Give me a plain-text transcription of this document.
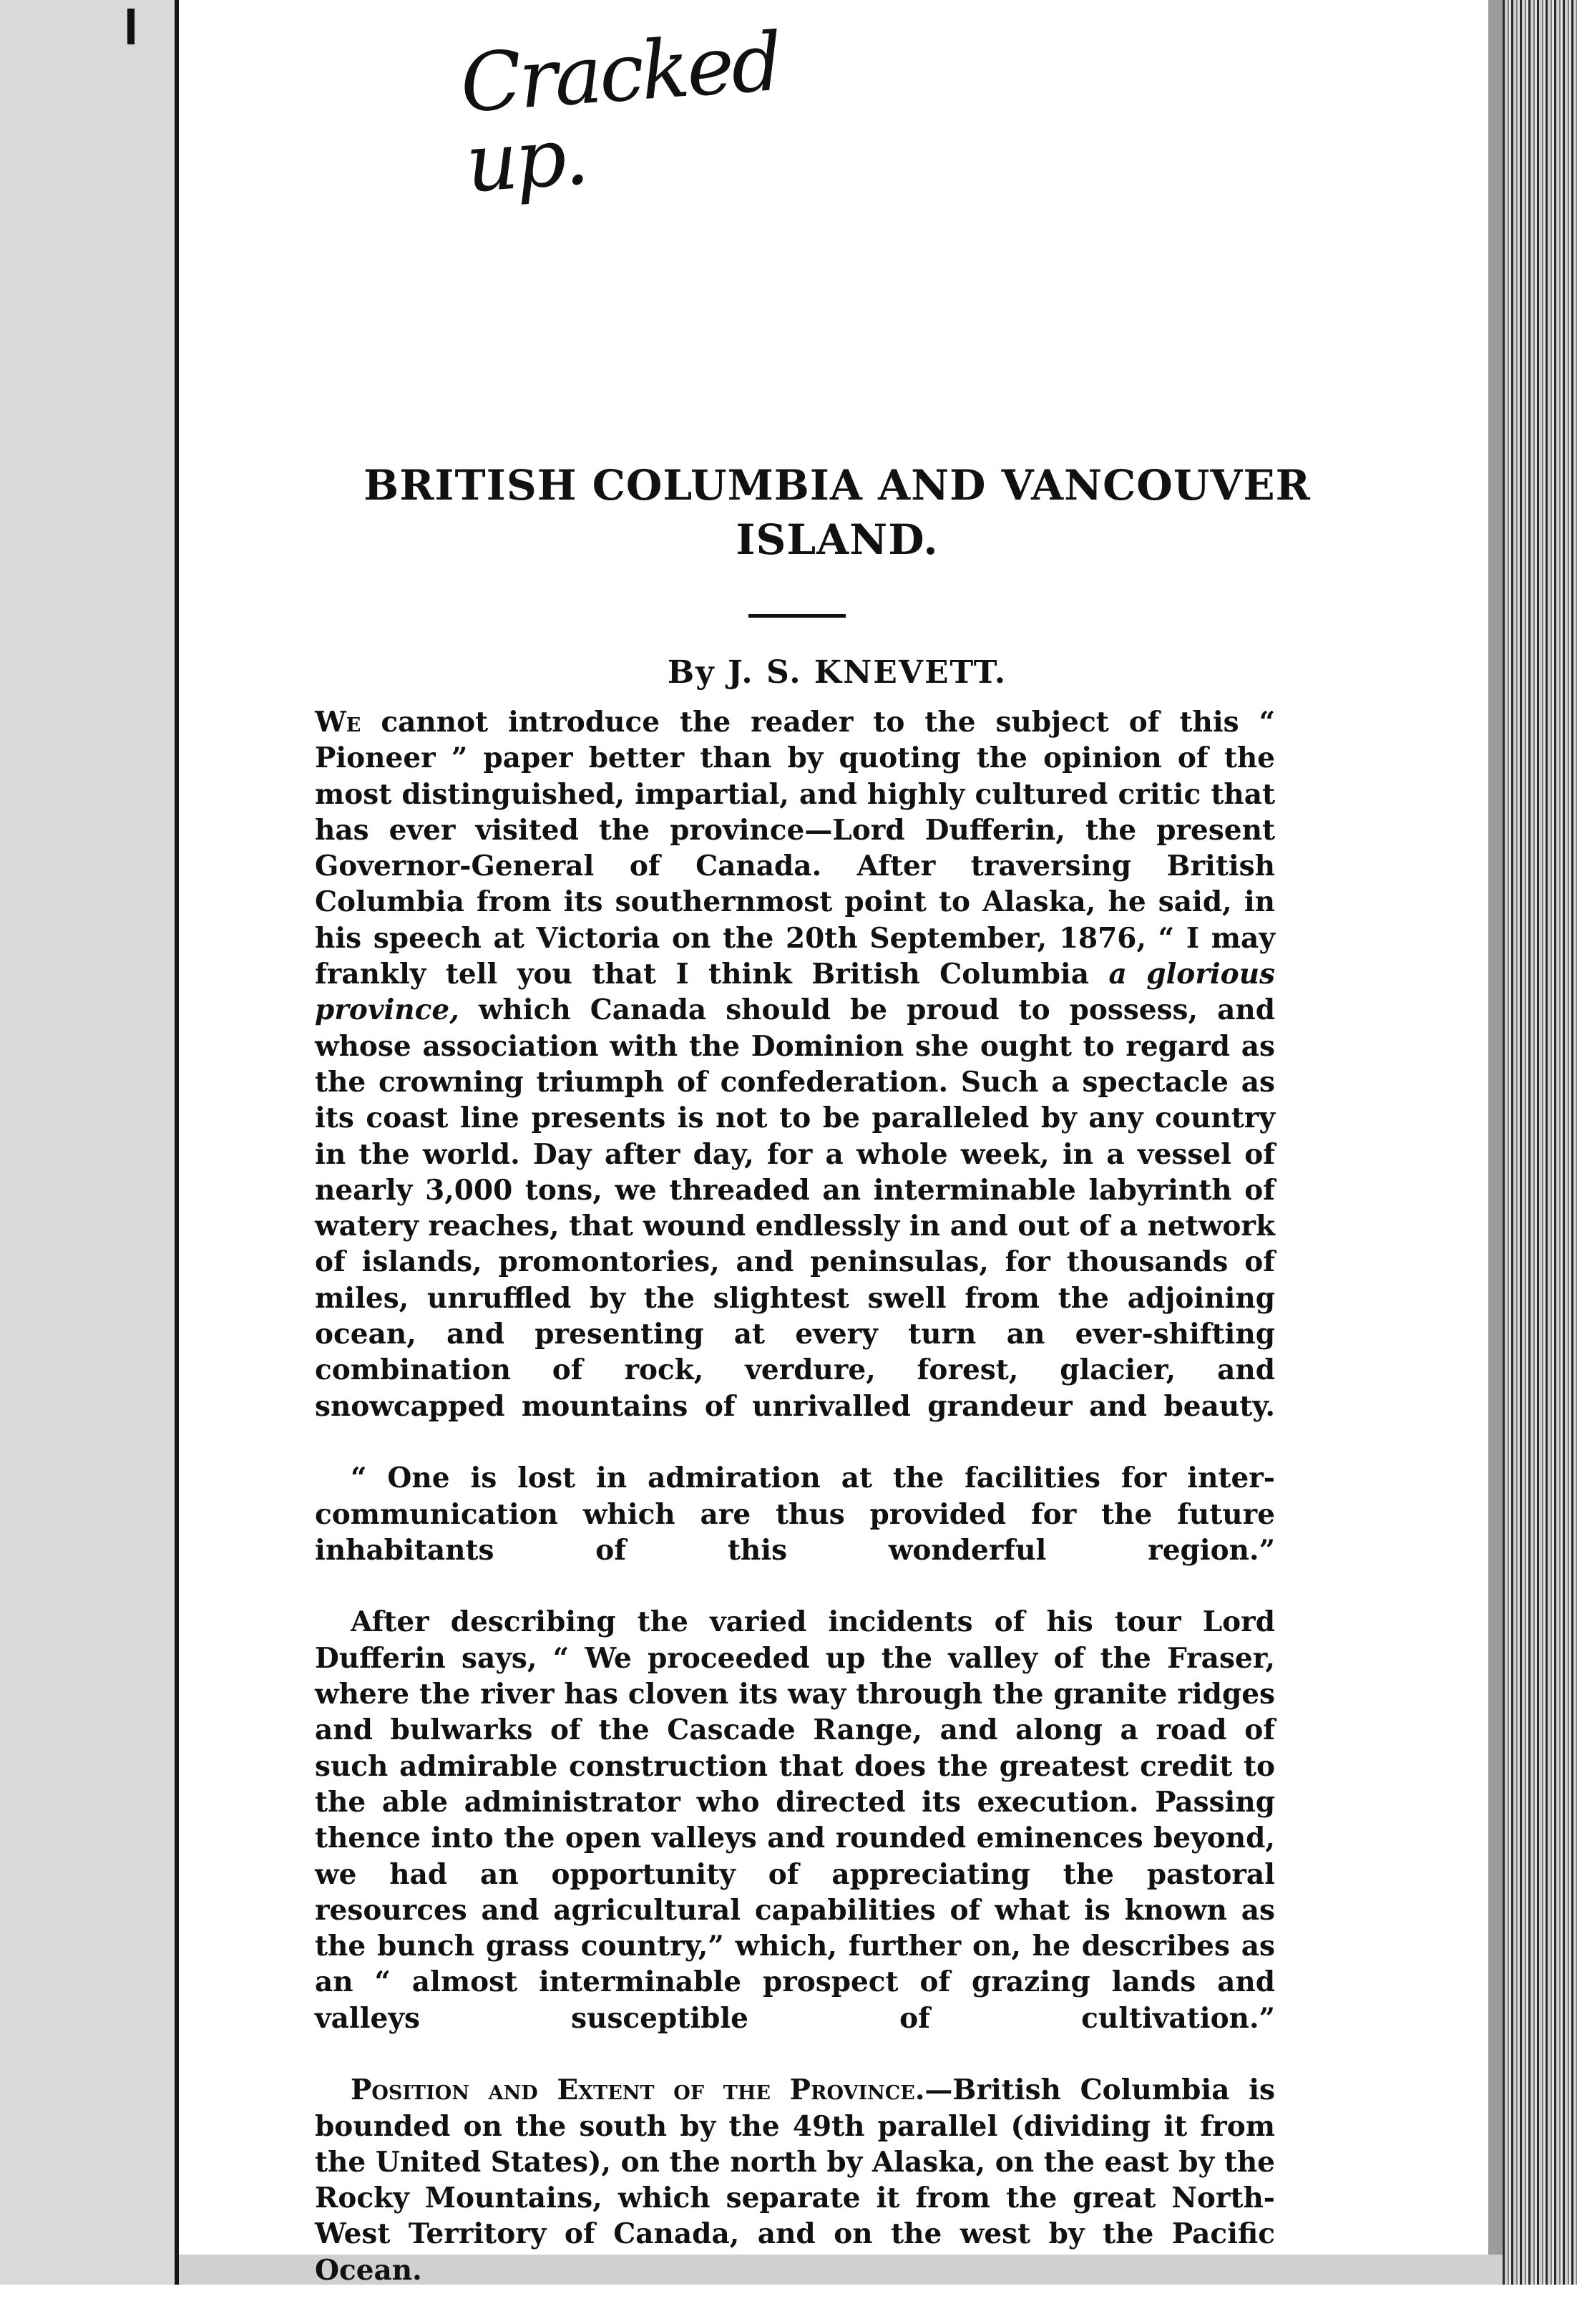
Cracked up.
BRITISH COLUMBIA AND VANCOUVER
ISLAND.
By J. S. KNEVETT.

We cannot introduce the reader to the subject of this “ Pioneer ” paper better than by quoting the opinion of the most distinguished, impartial, and highly cultured critic that has ever visited the province—Lord Dufferin, the present Governor-General of Canada. After traversing British Columbia from its southernmost point to Alaska, he said, in his speech at Victoria on the 20th September, 1876, “ I may frankly tell you that I think British Columbia a glorious province, which Canada should be proud to possess, and whose association with the Dominion she ought to regard as the crowning triumph of confederation. Such a spectacle as its coast line presents is not to be paralleled by any country in the world. Day after day, for a whole week, in a vessel of nearly 3,000 tons, we threaded an interminable labyrinth of watery reaches, that wound endlessly in and out of a network of islands, promontories, and peninsulas, for thousands of miles, unruffled by the slightest swell from the adjoining ocean, and presenting at every turn an ever-shifting combination of rock, verdure, forest, glacier, and snowcapped mountains of unrivalled grandeur and beauty.

“ One is lost in admiration at the facilities for inter-communication which are thus provided for the future inhabitants of this wonderful region.”

After describing the varied incidents of his tour Lord Dufferin says, “ We proceeded up the valley of the Fraser, where the river has cloven its way through the granite ridges and bulwarks of the Cascade Range, and along a road of such admirable construction that does the greatest credit to the able administrator who directed its execution. Passing thence into the open valleys and rounded eminences beyond, we had an opportunity of appreciating the pastoral resources and agricultural capabilities of what is known as the bunch grass country,” which, further on, he describes as an “ almost interminable prospect of grazing lands and valleys susceptible of cultivation.”

Position and Extent of the Province.—British Columbia is bounded on the south by the 49th parallel (dividing it from the United States), on the north by Alaska, on the east by the Rocky Mountains, which separate it from the great North-West Territory of Canada, and on the west by the Pacific Ocean.
